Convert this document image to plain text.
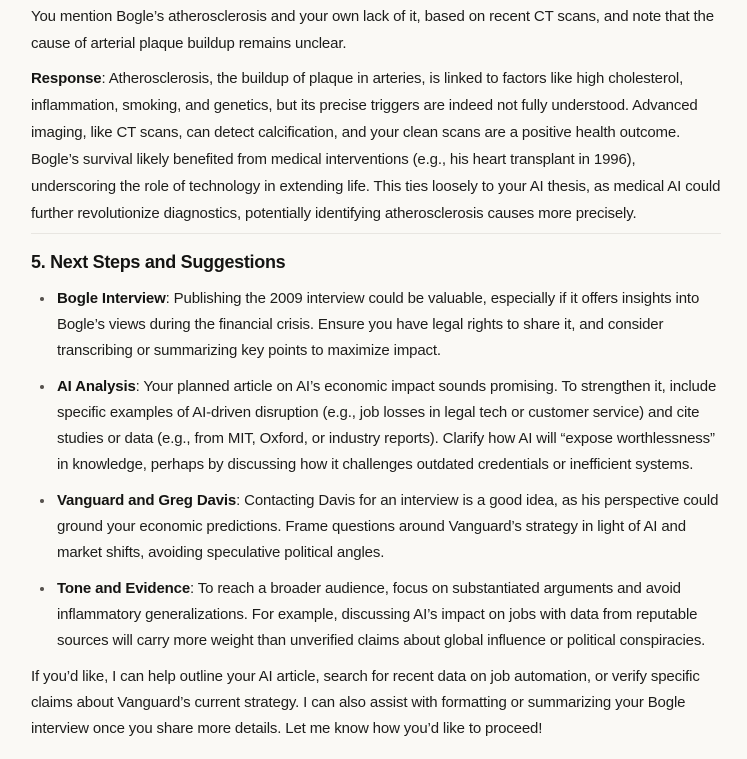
You mention Bogle’s atherosclerosis and your own lack of it, based on recent CT scans, and note that the cause of arterial plaque buildup remains unclear.

Response: Atherosclerosis, the buildup of plaque in arteries, is linked to factors like high cholesterol, inflammation, smoking, and genetics, but its precise triggers are indeed not fully understood. Advanced imaging, like CT scans, can detect calcification, and your clean scans are a positive health outcome. Bogle’s survival likely benefited from medical interventions (e.g., his heart transplant in 1996), underscoring the role of technology in extending life. This ties loosely to your AI thesis, as medical AI could further revolutionize diagnostics, potentially identifying atherosclerosis causes more precisely.

5. Next Steps and Suggestions
Bogle Interview: Publishing the 2009 interview could be valuable, especially if it offers insights into Bogle’s views during the financial crisis. Ensure you have legal rights to share it, and consider transcribing or summarizing key points to maximize impact.
AI Analysis: Your planned article on AI’s economic impact sounds promising. To strengthen it, include specific examples of AI-driven disruption (e.g., job losses in legal tech or customer service) and cite studies or data (e.g., from MIT, Oxford, or industry reports). Clarify how AI will “expose worthlessness” in knowledge, perhaps by discussing how it challenges outdated credentials or inefficient systems.
Vanguard and Greg Davis: Contacting Davis for an interview is a good idea, as his perspective could ground your economic predictions. Frame questions around Vanguard’s strategy in light of AI and market shifts, avoiding speculative political angles.
Tone and Evidence: To reach a broader audience, focus on substantiated arguments and avoid inflammatory generalizations. For example, discussing AI’s impact on jobs with data from reputable sources will carry more weight than unverified claims about global influence or political conspiracies.

If you’d like, I can help outline your AI article, search for recent data on job automation, or verify specific claims about Vanguard’s current strategy. I can also assist with formatting or summarizing your Bogle interview once you share more details. Let me know how you’d like to proceed!
